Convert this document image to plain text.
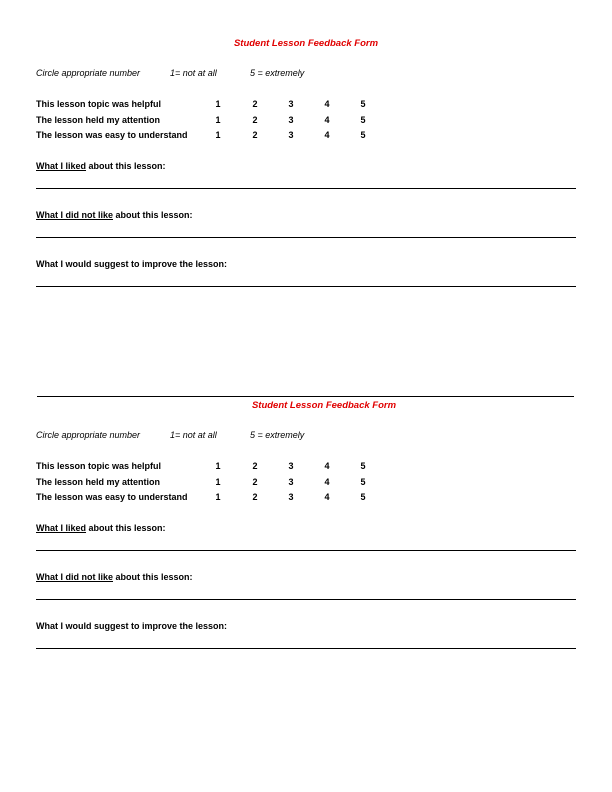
Student Lesson Feedback Form
Circle appropriate number	1= not at all	5 = extremely
This lesson topic was helpful	1	2	3	4	5
The lesson held my attention	1	2	3	4	5
The lesson was easy to understand	1	2	3	4	5
What I liked about this lesson:
What I did not like about this lesson:
What I would suggest to improve the lesson:
Student Lesson Feedback Form
Circle appropriate number	1= not at all	5 = extremely
This lesson topic was helpful	1	2	3	4	5
The lesson held my attention	1	2	3	4	5
The lesson was easy to understand	1	2	3	4	5
What I liked about this lesson:
What I did not like about this lesson:
What I would suggest to improve the lesson:
